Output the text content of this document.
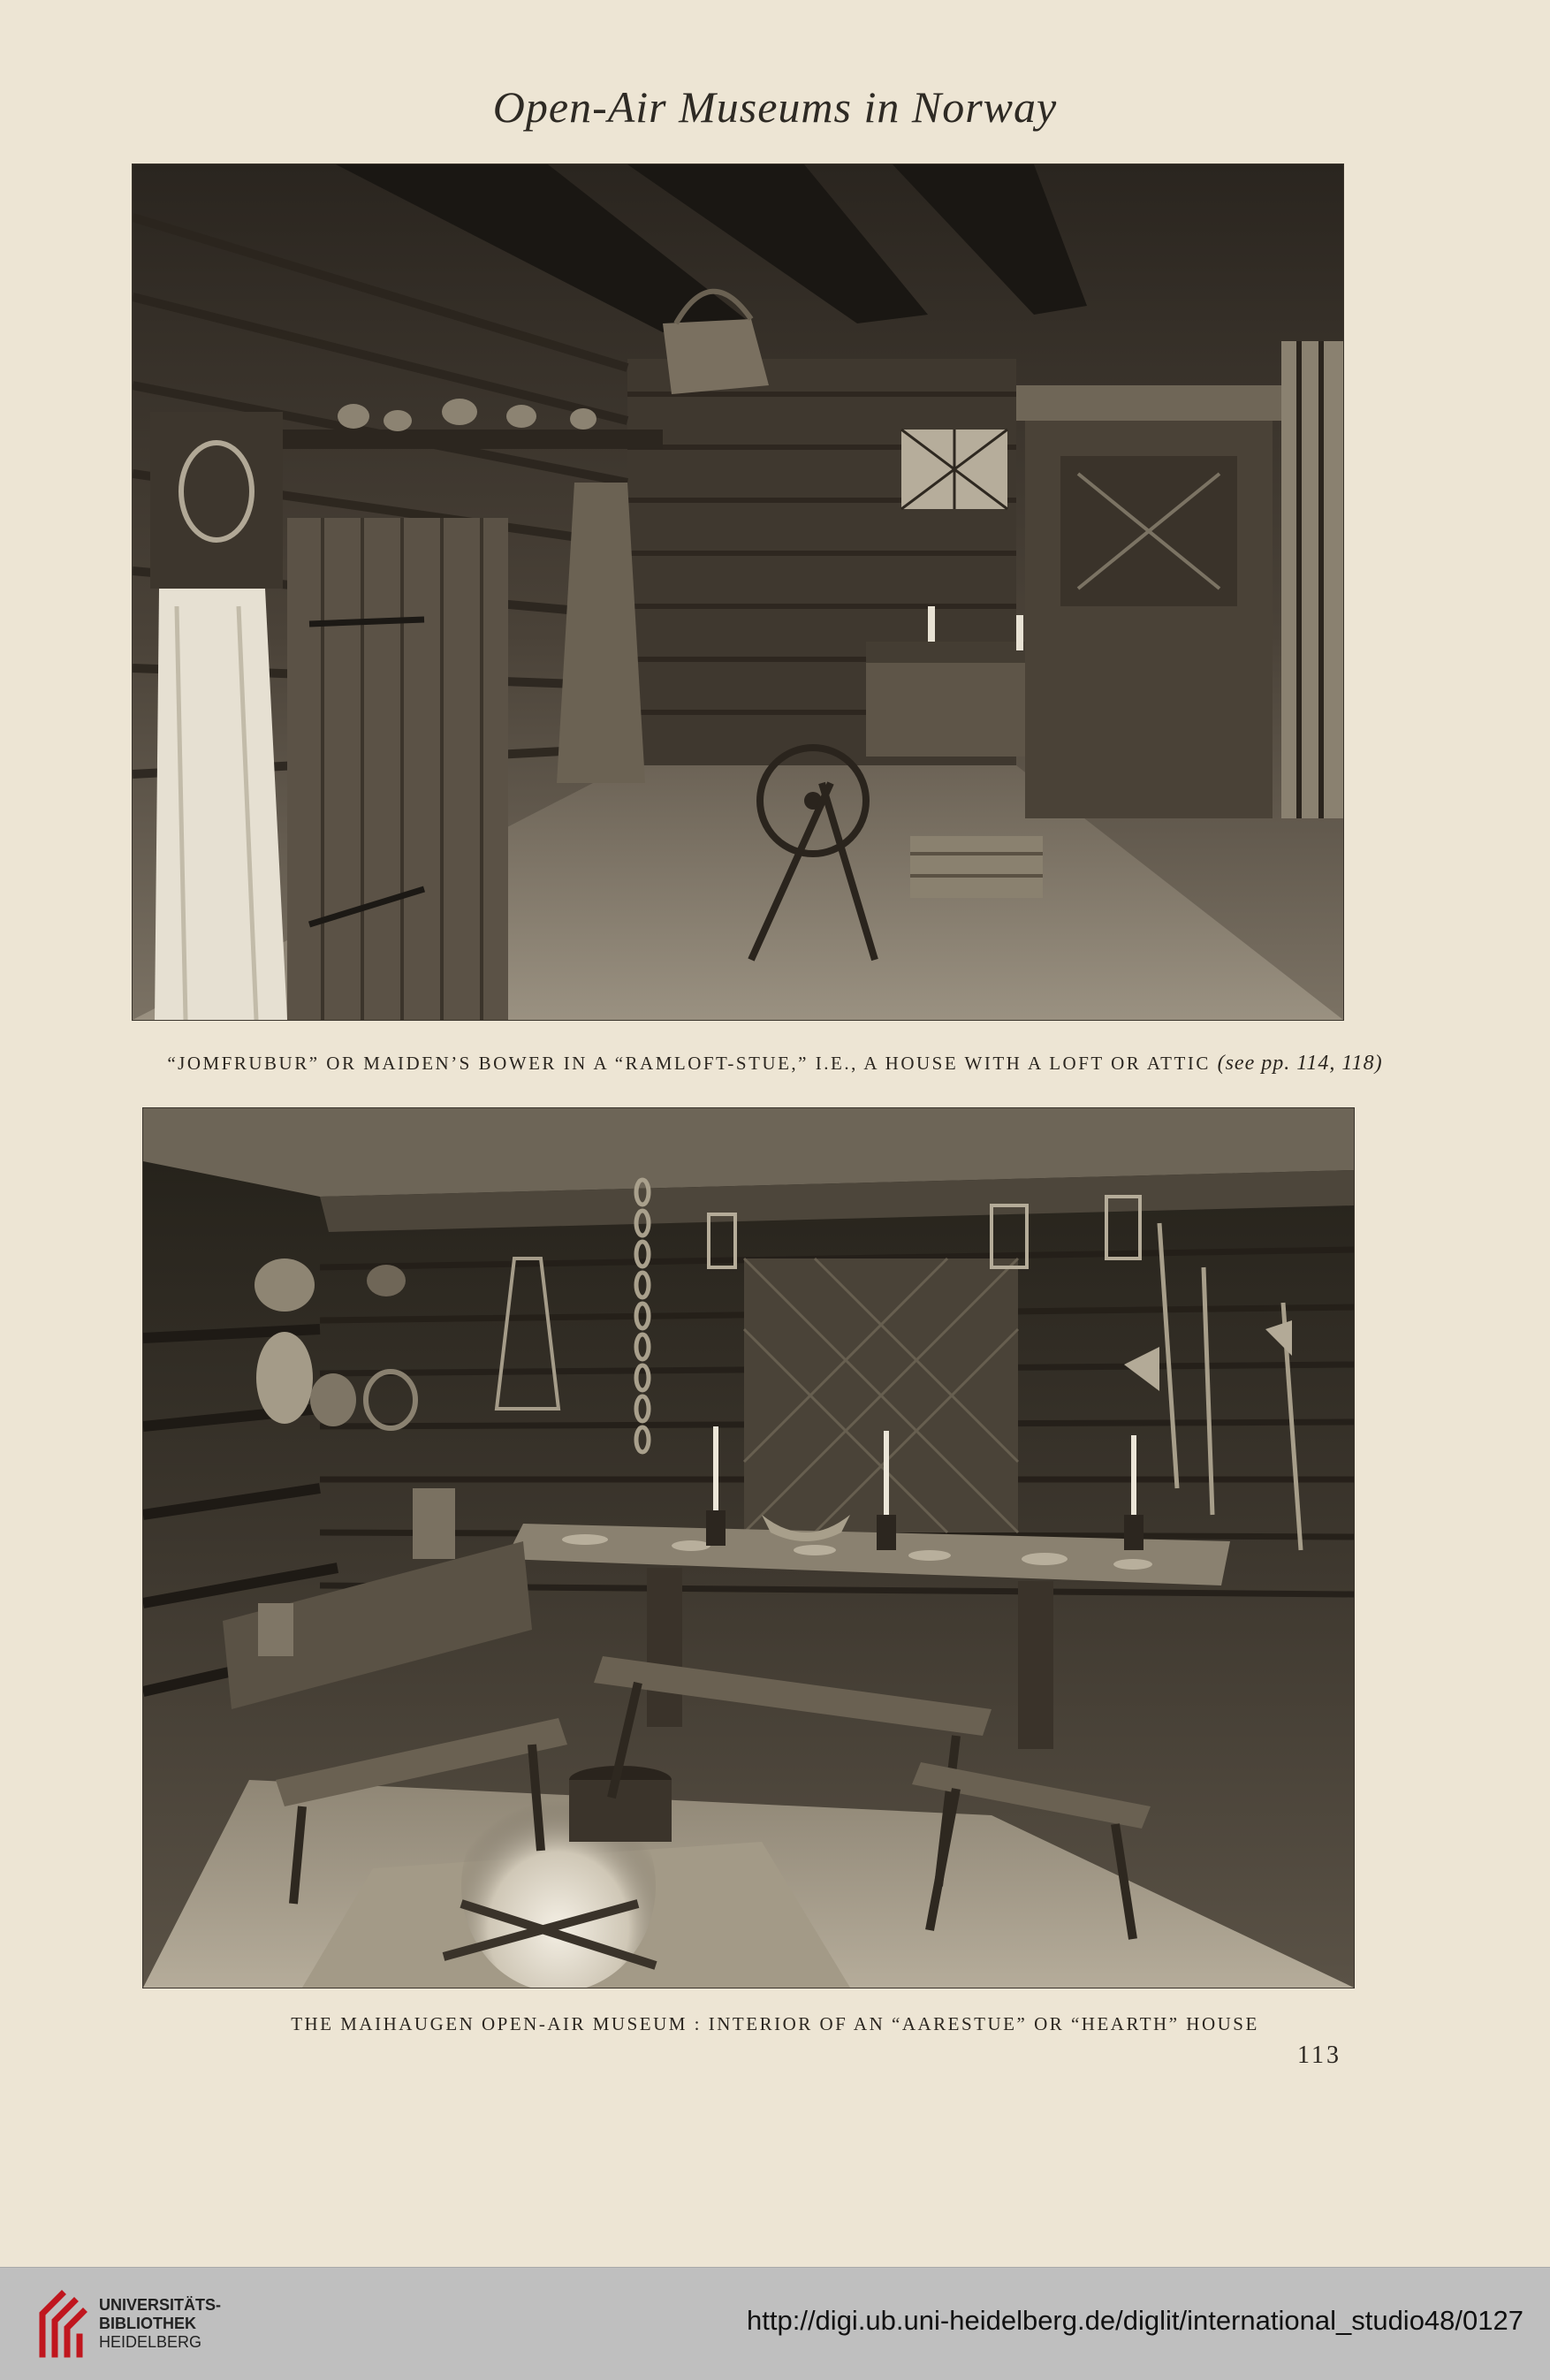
Open-Air Museums in Norway
“JOMFRUBUR” OR MAIDEN’S BOWER IN A “RAMLOFT-STUE,” I.E., A HOUSE WITH A LOFT OR ATTIC (see pp. 114, 118)
THE MAIHAUGEN OPEN-AIR MUSEUM : INTERIOR OF AN “AARESTUE” OR “HEARTH” HOUSE
113
UNIVERSITÄTS-
BIBLIOTHEK
HEIDELBERG
http://digi.ub.uni-heidelberg.de/diglit/international_studio48/0127
